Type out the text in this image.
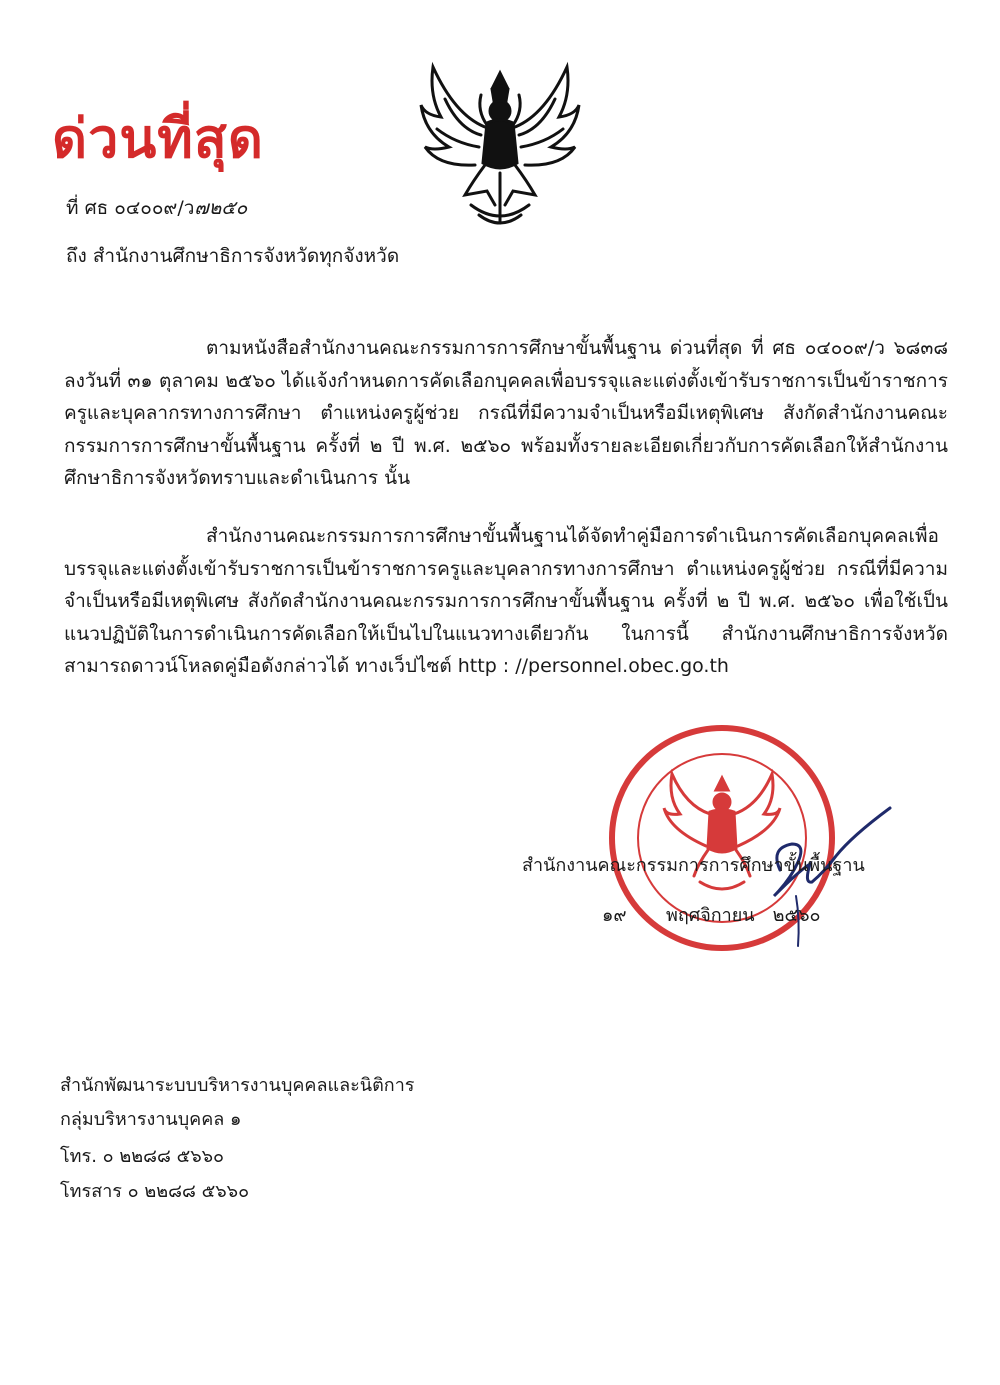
ด่วนที่สุด
ที่ ศธ ๐๔๐๐๙/ว๗๒๕๐
ถึง สำนักงานศึกษาธิการจังหวัดทุกจังหวัด

ตามหนังสือสำนักงานคณะกรรมการการศึกษาขั้นพื้นฐาน ด่วนที่สุด ที่ ศธ ๐๔๐๐๙/ว ๖๘๓๘ ลงวันที่ ๓๑ ตุลาคม ๒๕๖๐ ได้แจ้งกำหนดการคัดเลือกบุคคลเพื่อบรรจุและแต่งตั้งเข้ารับราชการเป็นข้าราชการครูและบุคลากรทางการศึกษา ตำแหน่งครูผู้ช่วย กรณีที่มีความจำเป็นหรือมีเหตุพิเศษ สังกัดสำนักงานคณะกรรมการการศึกษาขั้นพื้นฐาน ครั้งที่ ๒ ปี พ.ศ. ๒๕๖๐ พร้อมทั้งรายละเอียดเกี่ยวกับการคัดเลือกให้สำนักงานศึกษาธิการจังหวัดทราบและดำเนินการ นั้น

สำนักงานคณะกรรมการการศึกษาขั้นพื้นฐานได้จัดทำคู่มือการดำเนินการคัดเลือกบุคคลเพื่อบรรจุและแต่งตั้งเข้ารับราชการเป็นข้าราชการครูและบุคลากรทางการศึกษา ตำแหน่งครูผู้ช่วย กรณีที่มีความจำเป็นหรือมีเหตุพิเศษ สังกัดสำนักงานคณะกรรมการการศึกษาขั้นพื้นฐาน ครั้งที่ ๒ ปี พ.ศ. ๒๕๖๐ เพื่อใช้เป็นแนวปฏิบัติในการดำเนินการคัดเลือกให้เป็นไปในแนวทางเดียวกัน ในการนี้ สำนักงานศึกษาธิการจังหวัดสามารถดาวน์โหลดคู่มือดังกล่าวได้ ทางเว็ปไซต์ http : //personnel.obec.go.th

สำนักงานคณะกรรมการการศึกษาขั้นพื้นฐาน
๑๙ พฤศจิกายน ๒๕๖๐
สำนักพัฒนาระบบบริหารงานบุคคลและนิติการ
กลุ่มบริหารงานบุคคล ๑
โทร. ๐ ๒๒๘๘ ๕๖๖๐
โทรสาร ๐ ๒๒๘๘ ๕๖๖๐
